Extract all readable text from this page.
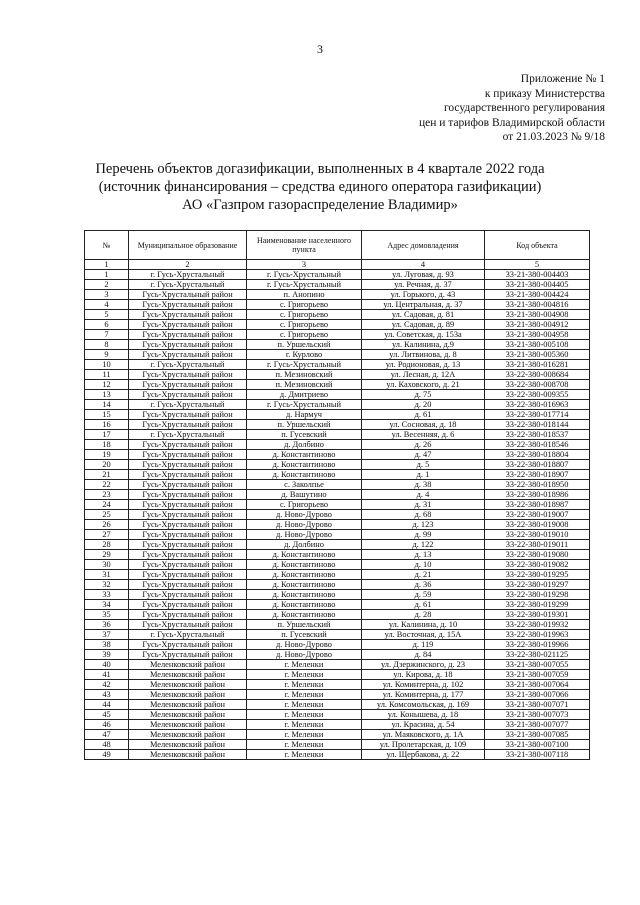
3
Приложение № 1
к приказу Министерства
государственного регулирования
цен и тарифов Владимирской области
от 21.03.2023 № 9/18
Перечень объектов догазификации, выполненных в 4 квартале 2022 года
(источник финансирования – средства единого оператора газификации)
АО «Газпром газораспределение Владимир»
№	Муниципальное образование	Наименование населенного пункта	Адрес домовладения	Код объекта
1	2	3	4	5
1	г. Гусь-Хрустальный	г. Гусь-Хрустальный	ул. Луговая, д. 93	33-21-380-004403
2	г. Гусь-Хрустальный	г. Гусь-Хрустальный	ул. Речная, д. 37	33-21-380-004405
3	Гусь-Хрустальный район	п. Анопино	ул. Горького, д. 43	33-21-380-004424
4	Гусь-Хрустальный район	с. Григорьево	ул. Центральная, д. 37	33-21-380-004816
5	Гусь-Хрустальный район	с. Григорьево	ул. Садовая, д. 81	33-21-380-004908
6	Гусь-Хрустальный район	с. Григорьево	ул. Садовая, д. 89	33-21-380-004912
7	Гусь-Хрустальный район	с. Григорьево	ул. Советская, д. 153а	33-21-380-004958
8	Гусь-Хрустальный район	п. Уршельский	ул. Калинина, д.9	33-21-380-005108
9	Гусь-Хрустальный район	г. Курлово	ул. Литвинова, д. 8	33-21-380-005360
10	г. Гусь-Хрустальный	г. Гусь-Хрустальный	ул. Родионовая, д. 13	33-21-380-016281
11	Гусь-Хрустальный район	п. Мезиновский	ул. Лесная, д. 12А	33-22-380-008684
12	Гусь-Хрустальный район	п. Мезиновский	ул. Каховского, д. 21	33-22-380-008708
13	Гусь-Хрустальный район	д. Дмитриево	д. 75	33-22-380-009355
14	г. Гусь-Хрустальный	г. Гусь-Хрустальный	д. 20	33-22-380-016963
15	Гусь-Хрустальный район	д. Нармуч	д. 61	33-22-380-017714
16	Гусь-Хрустальный район	п. Уршельский	ул. Сосновая, д. 18	33-22-380-018144
17	г. Гусь-Хрустальный	п. Гусевский	ул. Весенняя, д. 6	33-22-380-018537
18	Гусь-Хрустальный район	д. Долбино	д. 26	33-22-380-018546
19	Гусь-Хрустальный район	д. Константиново	д. 47	33-22-380-018804
20	Гусь-Хрустальный район	д. Константиново	д. 5	33-22-380-018807
21	Гусь-Хрустальный район	д. Константиново	д. 1	33-22-380-018907
22	Гусь-Хрустальный район	с. Заколпье	д. 38	33-22-380-018950
23	Гусь-Хрустальный район	д. Вашутино	д. 4	33-22-380-018986
24	Гусь-Хрустальный район	с. Григорьево	д. 31	33-22-380-018987
25	Гусь-Хрустальный район	д. Ново-Дурово	д. 68	33-22-380-019007
26	Гусь-Хрустальный район	д. Ново-Дурово	д. 123	33-22-380-019008
27	Гусь-Хрустальный район	д. Ново-Дурово	д. 99	33-22-380-019010
28	Гусь-Хрустальный район	д. Долбино	д. 122	33-22-380-019011
29	Гусь-Хрустальный район	д. Константиново	д. 13	33-22-380-019080
30	Гусь-Хрустальный район	д. Константиново	д. 10	33-22-380-019082
31	Гусь-Хрустальный район	д. Константиново	д. 21	33-22-380-019295
32	Гусь-Хрустальный район	д. Константиново	д. 36	33-22-380-019297
33	Гусь-Хрустальный район	д. Константиново	д. 59	33-22-380-019298
34	Гусь-Хрустальный район	д. Константиново	д. 61	33-22-380-019299
35	Гусь-Хрустальный район	д. Константиново	д. 28	33-22-380-019301
36	Гусь-Хрустальный район	п. Уршельский	ул. Калинина, д. 10	33-22-380-019932
37	г. Гусь-Хрустальный	п. Гусевский	ул. Восточная, д. 15А	33-22-380-019963
38	Гусь-Хрустальный район	д. Ново-Дурово	д. 119	33-22-380-019966
39	Гусь-Хрустальный район	д. Ново-Дурово	д. 84	33-22-380-021125
40	Меленковский район	г. Меленки	ул. Дзержинского, д. 23	33-21-380-007055
41	Меленковский район	г. Меленки	ул. Кирова, д. 18	33-21-380-007059
42	Меленковский район	г. Меленки	ул. Коминтерна, д. 102	33-21-380-007064
43	Меленковский район	г. Меленки	ул. Коминтерна, д. 177	33-21-380-007066
44	Меленковский район	г. Меленки	ул. Комсомольская, д. 169	33-21-380-007071
45	Меленковский район	г. Меленки	ул. Конышева, д. 18	33-21-380-007073
46	Меленковский район	г. Меленки	ул. Красина, д. 54	33-21-380-007077
47	Меленковский район	г. Меленки	ул. Маяковского, д. 1А	33-21-380-007085
48	Меленковский район	г. Меленки	ул. Пролетарская, д. 109	33-21-380-007100
49	Меленковский район	г. Меленки	ул. Щербакова, д. 22	33-21-380-007118
